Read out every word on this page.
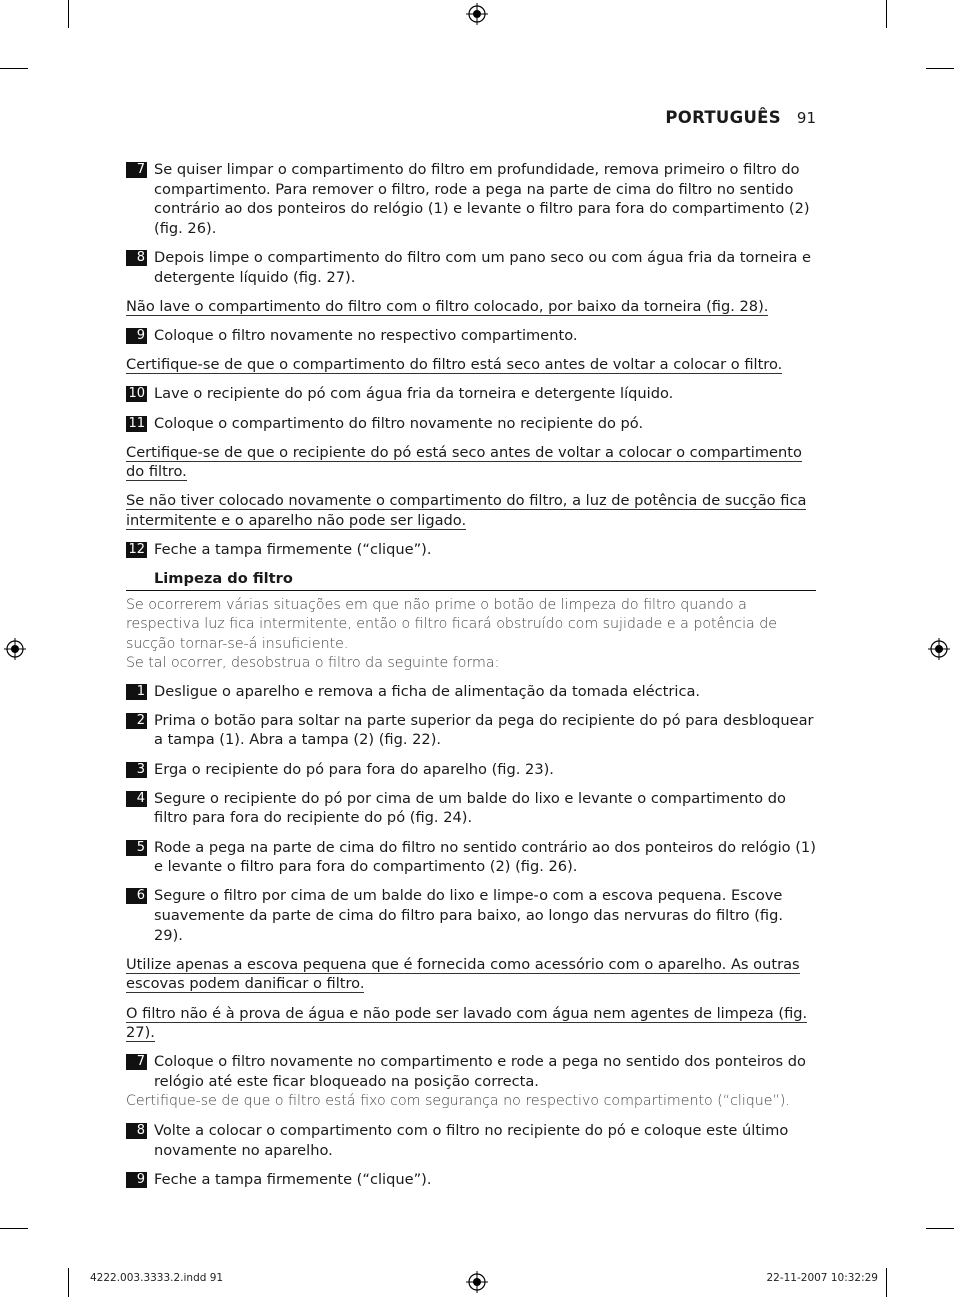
PORTUGUÊS 91
7 Se quiser limpar o compartimento do filtro em profundidade, remova primeiro o filtro do compartimento. Para remover o filtro, rode a pega na parte de cima do filtro no sentido contrário ao dos ponteiros do relógio (1) e levante o filtro para fora do compartimento (2) (fig. 26).
8 Depois limpe o compartimento do filtro com um pano seco ou com água fria da torneira e detergente líquido (fig. 27).
Não lave o compartimento do filtro com o filtro colocado, por baixo da torneira (fig. 28).
9 Coloque o filtro novamente no respectivo compartimento.
Certifique-se de que o compartimento do filtro está seco antes de voltar a colocar o filtro.
10 Lave o recipiente do pó com água fria da torneira e detergente líquido.
11 Coloque o compartimento do filtro novamente no recipiente do pó.
Certifique-se de que o recipiente do pó está seco antes de voltar a colocar o compartimento do filtro.
Se não tiver colocado novamente o compartimento do filtro, a luz de potência de sucção fica intermitente e o aparelho não pode ser ligado.
12 Feche a tampa firmemente (“clique”).
Limpeza do filtro
Se ocorrerem várias situações em que não prime o botão de limpeza do filtro quando a respectiva luz fica intermitente, então o filtro ficará obstruído com sujidade e a potência de sucção tornar-se-á insuficiente.
Se tal ocorrer, desobstrua o filtro da seguinte forma:
1 Desligue o aparelho e remova a ficha de alimentação da tomada eléctrica.
2 Prima o botão para soltar na parte superior da pega do recipiente do pó para desbloquear a tampa (1). Abra a tampa (2) (fig. 22).
3 Erga o recipiente do pó para fora do aparelho (fig. 23).
4 Segure o recipiente do pó por cima de um balde do lixo e levante o compartimento do filtro para fora do recipiente do pó (fig. 24).
5 Rode a pega na parte de cima do filtro no sentido contrário ao dos ponteiros do relógio (1) e levante o filtro para fora do compartimento (2) (fig. 26).
6 Segure o filtro por cima de um balde do lixo e limpe-o com a escova pequena. Escove suavemente da parte de cima do filtro para baixo, ao longo das nervuras do filtro (fig. 29).
Utilize apenas a escova pequena que é fornecida como acessório com o aparelho. As outras escovas podem danificar o filtro.
O filtro não é à prova de água e não pode ser lavado com água nem agentes de limpeza (fig. 27).
7 Coloque o filtro novamente no compartimento e rode a pega no sentido dos ponteiros do relógio até este ficar bloqueado na posição correcta.
Certifique-se de que o filtro está fixo com segurança no respectivo compartimento (“clique”).
8 Volte a colocar o compartimento com o filtro no recipiente do pó e coloque este último novamente no aparelho.
9 Feche a tampa firmemente (“clique”).
4222.003.3333.2.indd 91	22-11-2007 10:32:29
